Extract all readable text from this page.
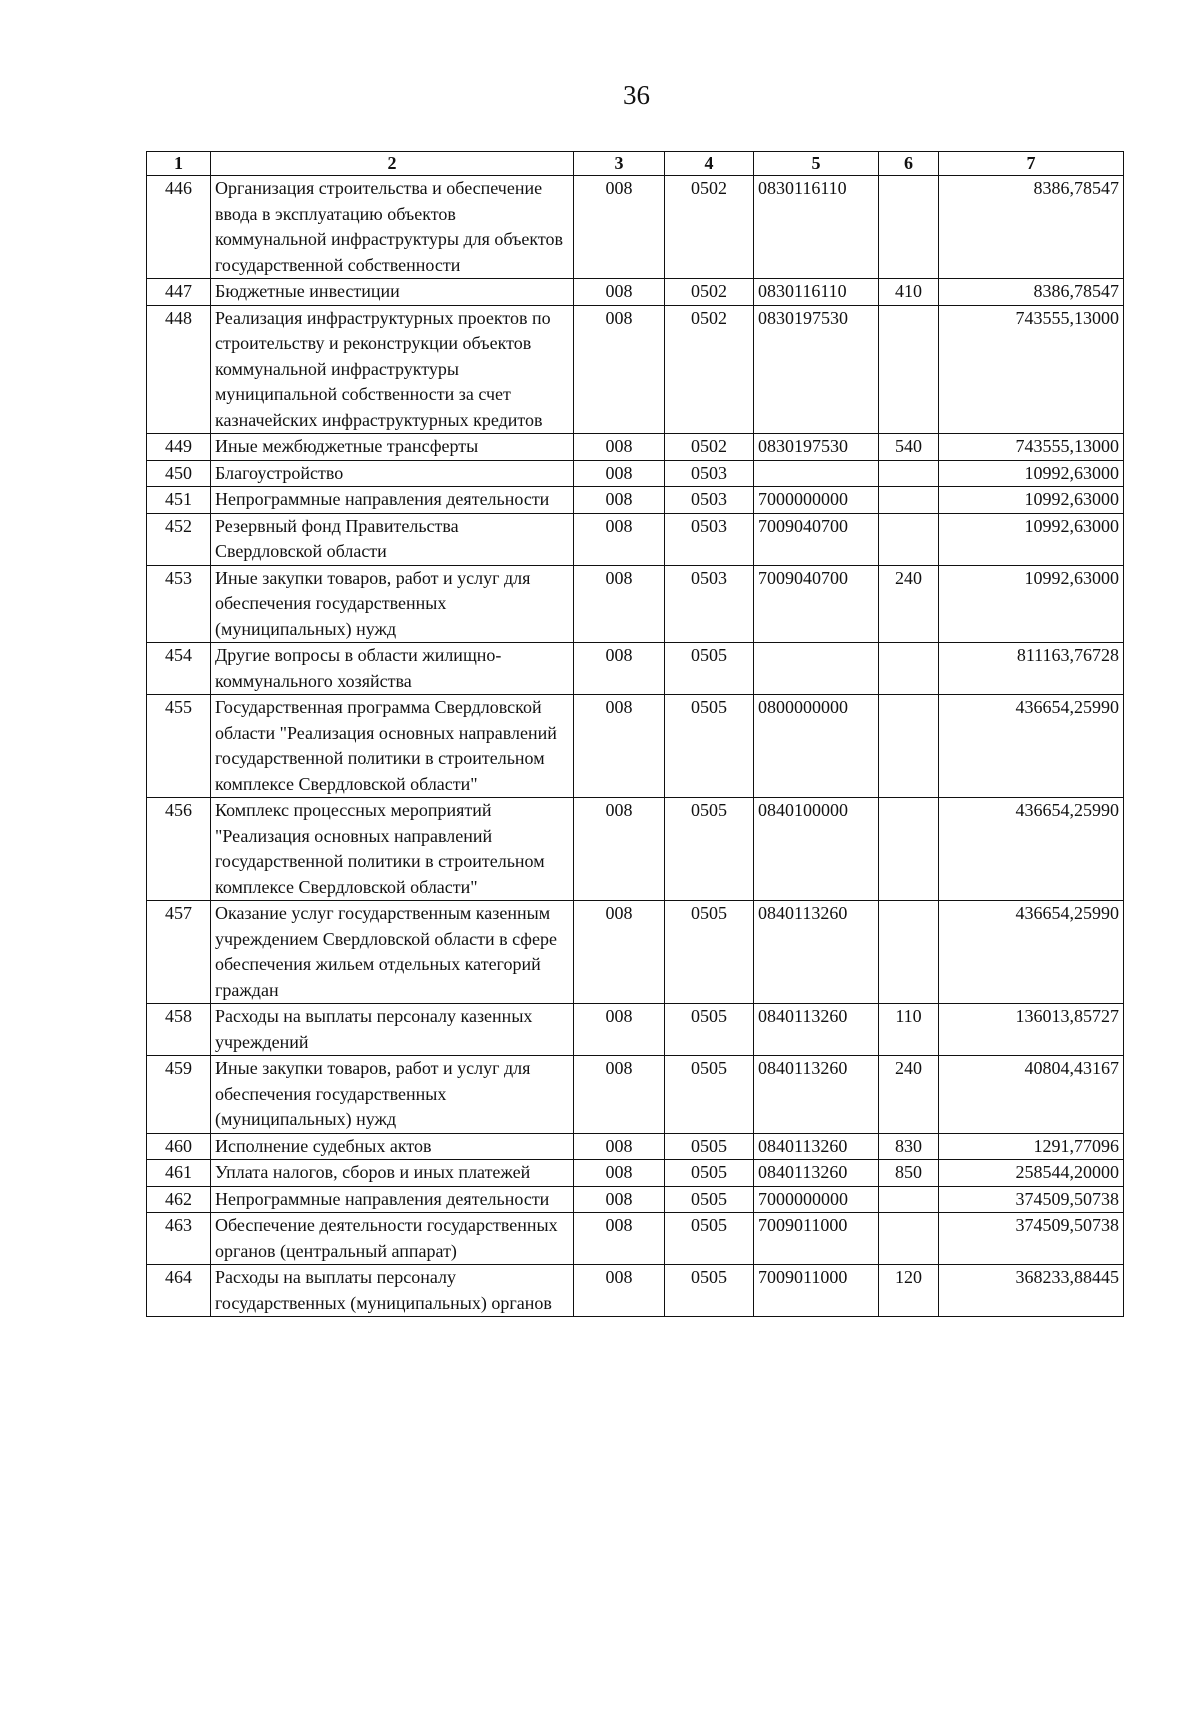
36
1	2	3	4	5	6	7
446	Организация строительства и обеспечение ввода в эксплуатацию объектов коммунальной инфраструктуры для объектов государственной собственности	008	0502	0830116110		8386,78547
447	Бюджетные инвестиции	008	0502	0830116110	410	8386,78547
448	Реализация инфраструктурных проектов по строительству и реконструкции объектов коммунальной инфраструктуры муниципальной собственности за счет казначейских инфраструктурных кредитов	008	0502	0830197530		743555,13000
449	Иные межбюджетные трансферты	008	0502	0830197530	540	743555,13000
450	Благоустройство	008	0503			10992,63000
451	Непрограммные направления деятельности	008	0503	7000000000		10992,63000
452	Резервный фонд Правительства Свердловской области	008	0503	7009040700		10992,63000
453	Иные закупки товаров, работ и услуг для обеспечения государственных (муниципальных) нужд	008	0503	7009040700	240	10992,63000
454	Другие вопросы в области жилищно-коммунального хозяйства	008	0505			811163,76728
455	Государственная программа Свердловской области "Реализация основных направлений государственной политики в строительном комплексе Свердловской области"	008	0505	0800000000		436654,25990
456	Комплекс процессных мероприятий "Реализация основных направлений государственной политики в строительном комплексе Свердловской области"	008	0505	0840100000		436654,25990
457	Оказание услуг государственным казенным учреждением Свердловской области в сфере обеспечения жильем отдельных категорий граждан	008	0505	0840113260		436654,25990
458	Расходы на выплаты персоналу казенных учреждений	008	0505	0840113260	110	136013,85727
459	Иные закупки товаров, работ и услуг для обеспечения государственных (муниципальных) нужд	008	0505	0840113260	240	40804,43167
460	Исполнение судебных актов	008	0505	0840113260	830	1291,77096
461	Уплата налогов, сборов и иных платежей	008	0505	0840113260	850	258544,20000
462	Непрограммные направления деятельности	008	0505	7000000000		374509,50738
463	Обеспечение деятельности государственных органов (центральный аппарат)	008	0505	7009011000		374509,50738
464	Расходы на выплаты персоналу государственных (муниципальных) органов	008	0505	7009011000	120	368233,88445
